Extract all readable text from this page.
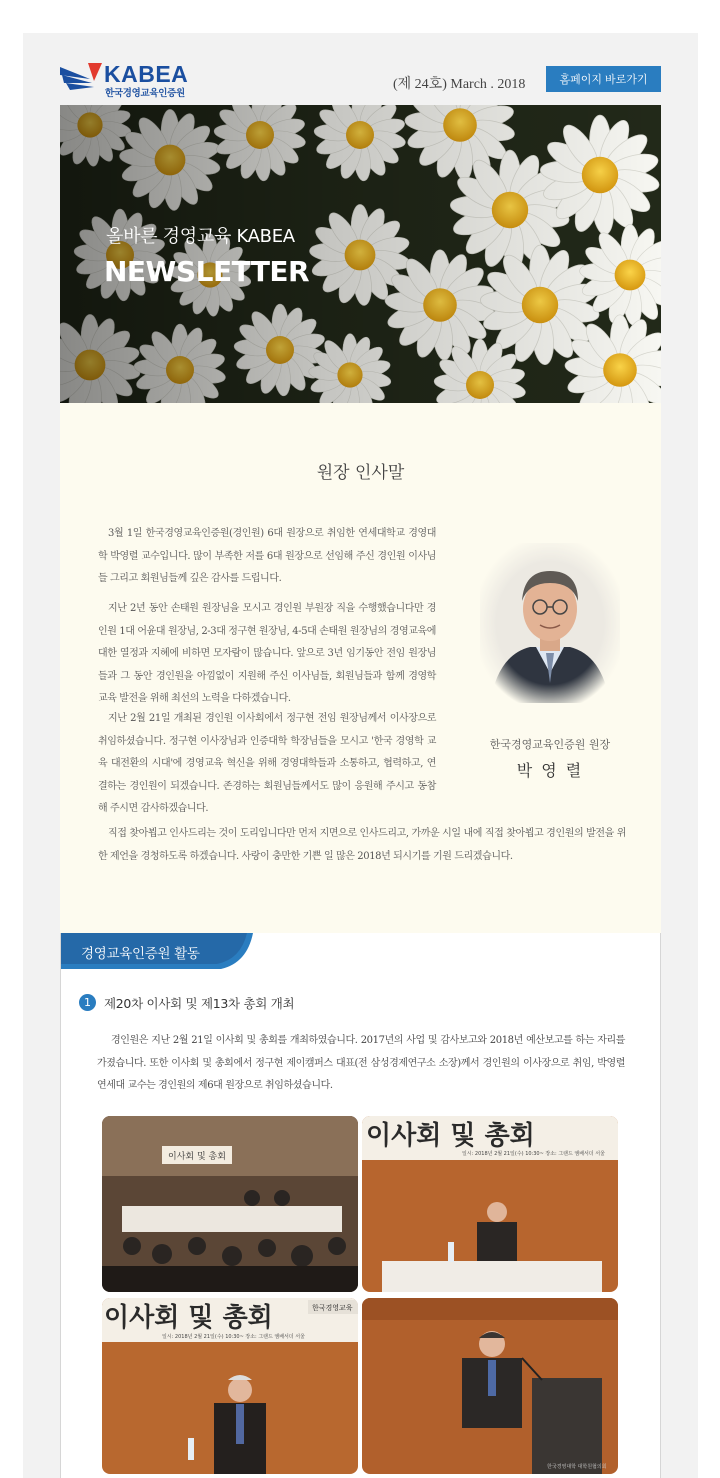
KABEA
한국경영교육인증원
(제 24호) March . 2018	홈페이지 바로가기
올바른 경영교육 KABEA
NEWSLETTER
원장 인사말

3월 1일 한국경영교육인증원(경인원) 6대 원장으로 취임한 연세대학교 경영대학 박영렬 교수입니다. 많이 부족한 저를 6대 원장으로 선임해 주신 경인원 이사님들 그리고 회원님들께 깊은 감사를 드립니다.

지난 2년 동안 손태원 원장님을 모시고 경인원 부원장 직을 수행했습니다만 경인원 1대 어윤대 원장님, 2-3대 정구현 원장님, 4-5대 손태원 원장님의 경영교육에 대한 열정과 지혜에 비하면 모자람이 많습니다. 앞으로 3년 임기동안 전임 원장님들과 그 동안 경인원을 아낌없이 지원해 주신 이사님들, 회원님들과 함께 경영학 교육 발전을 위해 최선의 노력을 다하겠습니다.

지난 2월 21일 개최된 경인원 이사회에서 정구현 전임 원장님께서 이사장으로 취임하셨습니다. 정구현 이사장님과 인증대학 학장님들을 모시고 '한국 경영학 교육 대전환의 시대'에 경영교육 혁신을 위해 경영대학들과 소통하고, 협력하고, 연결하는 경인원이 되겠습니다. 존경하는 회원님들께서도 많이 응원해 주시고 동참해 주시면 감사하겠습니다.

직접 찾아뵙고 인사드리는 것이 도리입니다만 먼저 지면으로 인사드리고, 가까운 시일 내에 직접 찾아뵙고 경인원의 발전을 위한 제언을 경청하도록 하겠습니다. 사랑이 충만한 기쁜 일 많은 2018년 되시기를 기원 드리겠습니다.

한국경영교육인증원 원장
박 영 렬
경영교육인증원 활동
1	제20차 이사회 및 제13차 총회 개최

경인원은 지난 2월 21일 이사회 및 총회를 개최하였습니다. 2017년의 사업 및 감사보고와 2018년 예산보고를 하는 자리를 가졌습니다. 또한 이사회 및 총회에서 정구현 제이캠퍼스 대표(전 삼성경제연구소 소장)께서 경인원의 이사장으로 취임, 박영렬 연세대 교수는 경인원의 제6대 원장으로 취임하셨습니다.

이사회 및 총회
이사회 및 총회
일시: 2018년 2월 21일(수) 10:30~ 장소: 그랜드 앰배서더 서울
이사회 및 총회	한국경영교육
일시: 2018년 2월 21일(수) 10:30~ 장소: 그랜드 앰배서더 서울
한국경영대학 대학원협의회
